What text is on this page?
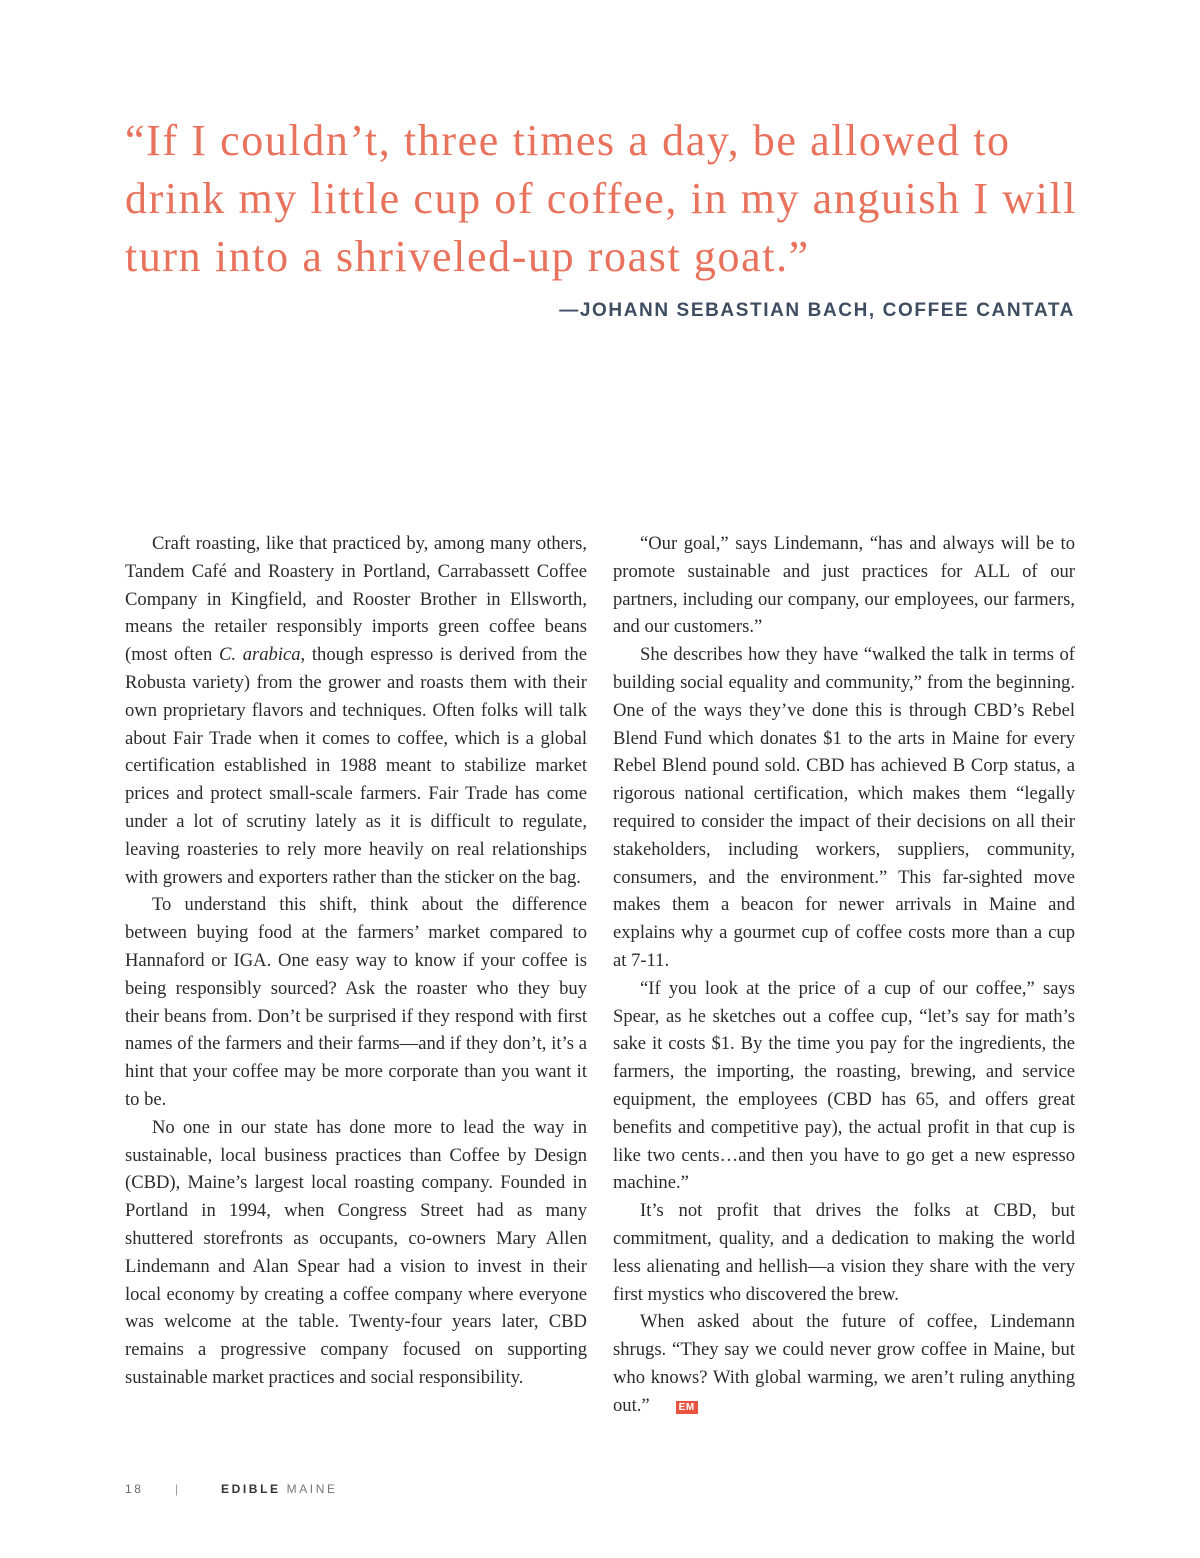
“If I couldn’t, three times a day, be allowed to drink my little cup of coffee, in my anguish I will turn into a shriveled-up roast goat.”
—JOHANN SEBASTIAN BACH, COFFEE CANTATA

Craft roasting, like that practiced by, among many others, Tandem Café and Roastery in Portland, Carrabassett Coffee Company in Kingfield, and Rooster Brother in Ellsworth, means the retailer responsibly imports green coffee beans (most often C. arabica, though espresso is derived from the Robusta variety) from the grower and roasts them with their own proprietary flavors and techniques. Often folks will talk about Fair Trade when it comes to coffee, which is a global certification established in 1988 meant to stabilize market prices and protect small-scale farmers. Fair Trade has come under a lot of scrutiny lately as it is difficult to regulate, leaving roasteries to rely more heavily on real relationships with growers and exporters rather than the sticker on the bag.

To understand this shift, think about the difference between buying food at the farmers’ market compared to Hannaford or IGA. One easy way to know if your coffee is being responsibly sourced? Ask the roaster who they buy their beans from. Don’t be surprised if they respond with first names of the farmers and their farms—and if they don’t, it’s a hint that your coffee may be more corporate than you want it to be.

No one in our state has done more to lead the way in sustainable, local business practices than Coffee by Design (CBD), Maine’s largest local roasting company. Founded in Portland in 1994, when Congress Street had as many shuttered storefronts as occupants, co-owners Mary Allen Lindemann and Alan Spear had a vision to invest in their local economy by creating a coffee company where everyone was welcome at the table. Twenty-four years later, CBD remains a progressive company focused on supporting sustainable market practices and social responsibility.

“Our goal,” says Lindemann, “has and always will be to promote sustainable and just practices for ALL of our partners, including our company, our employees, our farmers, and our customers.”

She describes how they have “walked the talk in terms of building social equality and community,” from the beginning. One of the ways they’ve done this is through CBD’s Rebel Blend Fund which donates $1 to the arts in Maine for every Rebel Blend pound sold. CBD has achieved B Corp status, a rigorous national certification, which makes them “legally required to consider the impact of their decisions on all their stakeholders, including workers, suppliers, community, consumers, and the environment.” This far-sighted move makes them a beacon for newer arrivals in Maine and explains why a gourmet cup of coffee costs more than a cup at 7-11.

“If you look at the price of a cup of our coffee,” says Spear, as he sketches out a coffee cup, “let’s say for math’s sake it costs $1. By the time you pay for the ingredients, the farmers, the importing, the roasting, brewing, and service equipment, the employees (CBD has 65, and offers great benefits and competitive pay), the actual profit in that cup is like two cents…and then you have to go get a new espresso machine.”

It’s not profit that drives the folks at CBD, but commitment, quality, and a dedication to making the world less alienating and hellish—a vision they share with the very first mystics who discovered the brew.

When asked about the future of coffee, Lindemann shrugs. “They say we could never grow coffee in Maine, but who knows? With global warming, we aren’t ruling anything out.”	EM

18	|	EDIBLE MAINE
